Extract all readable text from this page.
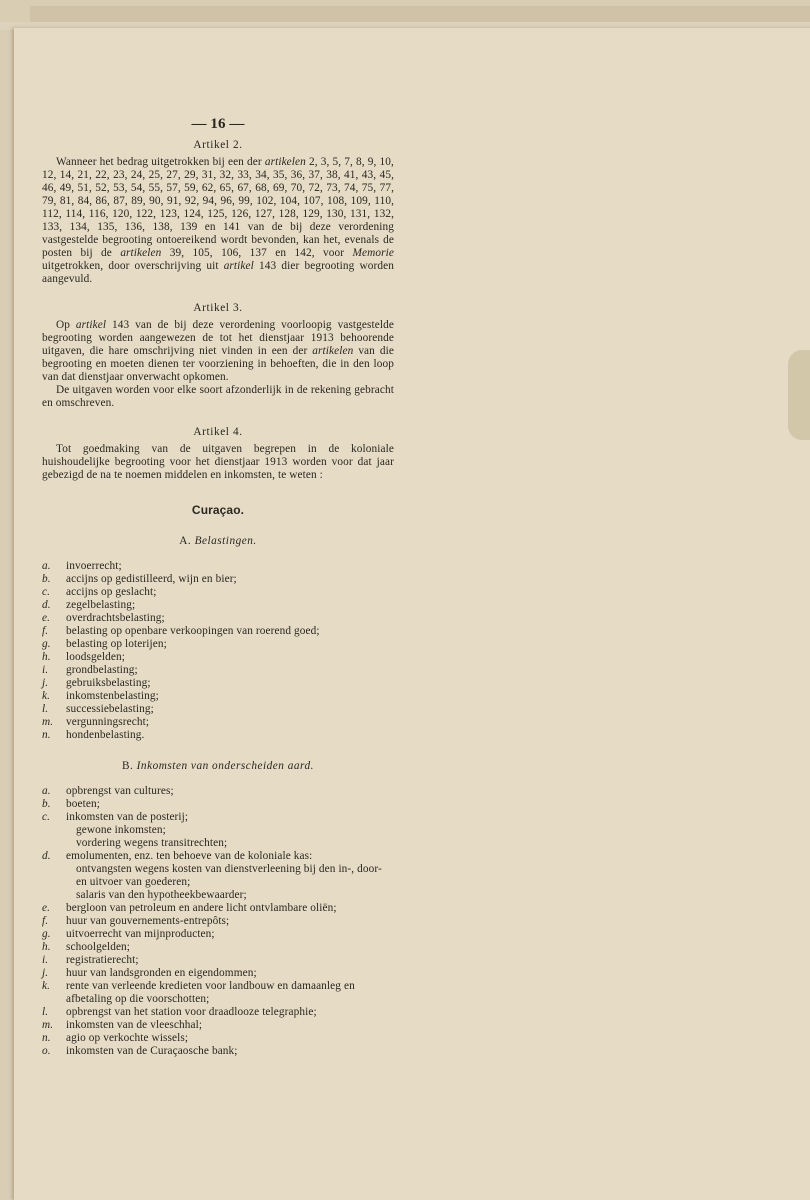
— 16 —
Artikel 2.

Wanneer het bedrag uitgetrokken bij een der artikelen 2, 3, 5, 7, 8, 9, 10, 12, 14, 21, 22, 23, 24, 25, 27, 29, 31, 32, 33, 34, 35, 36, 37, 38, 41, 43, 45, 46, 49, 51, 52, 53, 54, 55, 57, 59, 62, 65, 67, 68, 69, 70, 72, 73, 74, 75, 77, 79, 81, 84, 86, 87, 89, 90, 91, 92, 94, 96, 99, 102, 104, 107, 108, 109, 110, 112, 114, 116, 120, 122, 123, 124, 125, 126, 127, 128, 129, 130, 131, 132, 133, 134, 135, 136, 138, 139 en 141 van de bij deze verordening vastgestelde begrooting ontoereikend wordt bevonden, kan het, evenals de posten bij de artikelen 39, 105, 106, 137 en 142, voor Memorie uitgetrokken, door overschrijving uit artikel 143 dier begrooting worden aangevuld.

Artikel 3.

Op artikel 143 van de bij deze verordening voorloopig vastgestelde begrooting worden aangewezen de tot het dienstjaar 1913 behoorende uitgaven, die hare omschrijving niet vinden in een der artikelen van die begrooting en moeten dienen ter voorziening in behoeften, die in den loop van dat dienstjaar onverwacht opkomen.

De uitgaven worden voor elke soort afzonderlijk in de rekening gebracht en omschreven.

Artikel 4.

Tot goedmaking van de uitgaven begrepen in de koloniale huishoudelijke begrooting voor het dienstjaar 1913 worden voor dat jaar gebezigd de na te noemen middelen en inkomsten, te weten :

Curaçao.
A. Belastingen.
a. invoerrecht;
b. accijns op gedistilleerd, wijn en bier;
c. accijns op geslacht;
d. zegelbelasting;
e. overdrachtsbelasting;
f. belasting op openbare verkoopingen van roerend goed;
g. belasting op loterijen;
h. loodsgelden;
i. grondbelasting;
j. gebruiksbelasting;
k. inkomstenbelasting;
l. successiebelasting;
m. vergunningsrecht;
n. hondenbelasting.
B. Inkomsten van onderscheiden aard.
a. opbrengst van cultures;
b. boeten;
c. inkomsten van de posterij;
gewone inkomsten;
vordering wegens transitrechten;
d. emolumenten, enz. ten behoeve van de koloniale kas:
ontvangsten wegens kosten van dienstverleening bij den in-, door- en uitvoer van goederen;
salaris van den hypotheekbewaarder;
e. bergloon van petroleum en andere licht ontvlambare oliën;
f. huur van gouvernements-entrepôts;
g. uitvoerrecht van mijnproducten;
h. schoolgelden;
i. registratierecht;
j. huur van landsgronden en eigendommen;
k. rente van verleende kredieten voor landbouw en damaanleg en afbetaling op die voorschotten;
l. opbrengst van het station voor draadlooze telegraphie;
m. inkomsten van de vleeschhal;
n. agio op verkochte wissels;
o. inkomsten van de Curaçaosche bank;
